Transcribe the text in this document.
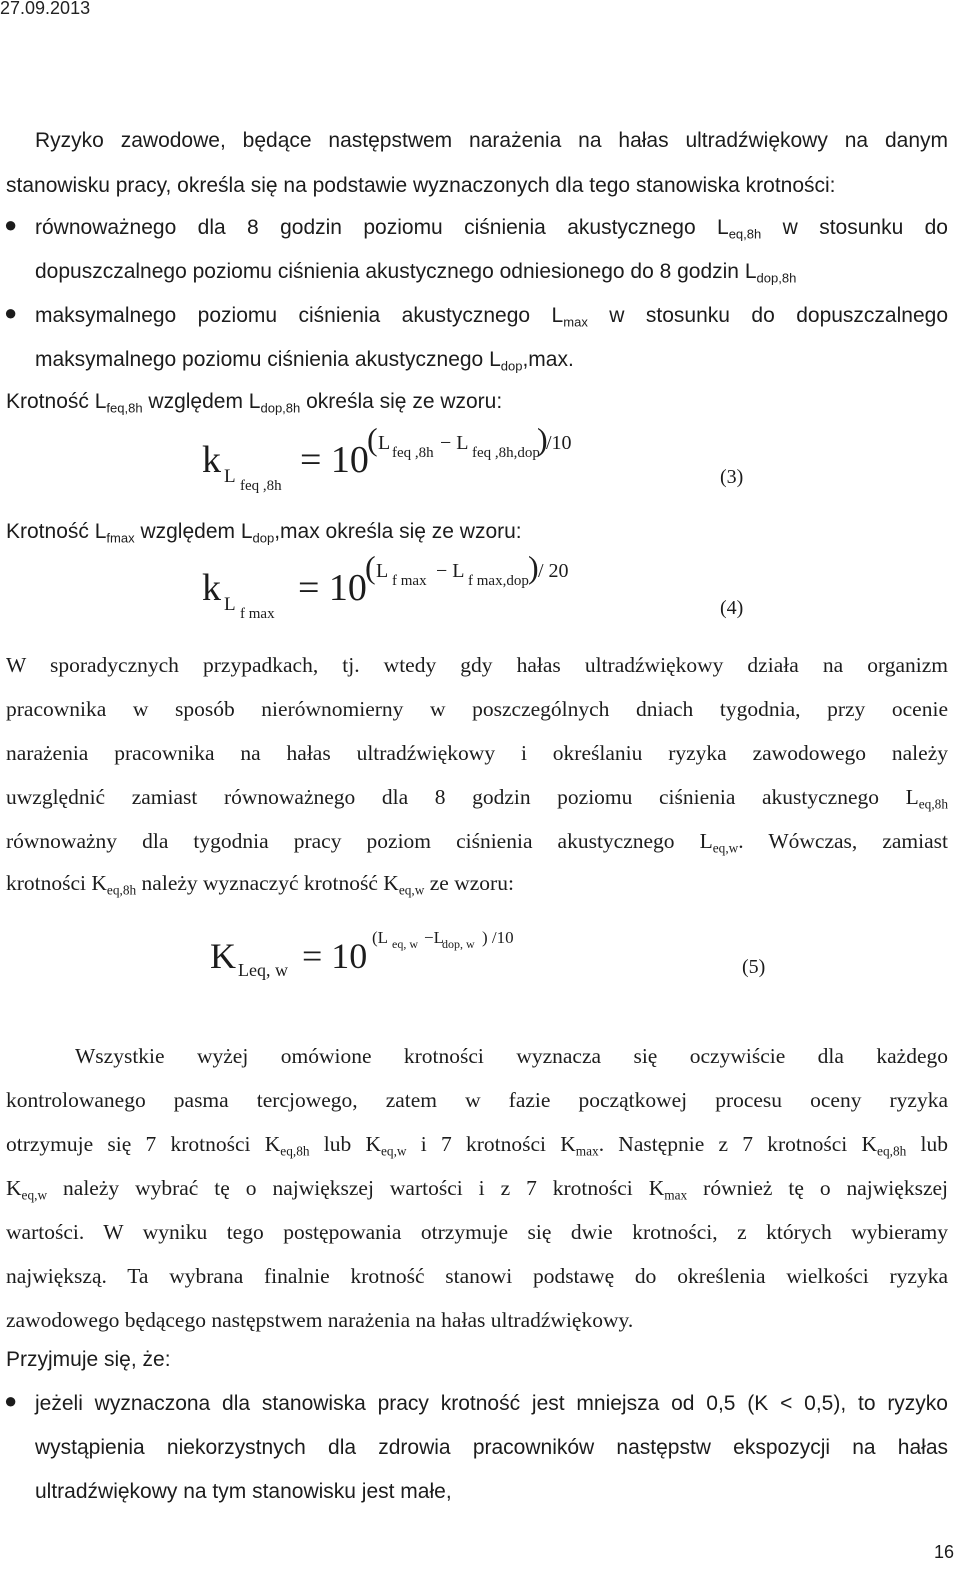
27.09.2013
Ryzyko zawodowe, będące następstwem narażenia na hałas ultradźwiękowy na danym
stanowisku pracy, określa się na podstawie wyznaczonych dla tego stanowiska krotności:
● równoważnego dla 8 godzin poziomu ciśnienia akustycznego $L_{eq,8h}$ w stosunku do
dopuszczalnego poziomu ciśnienia akustycznego odniesionego do 8 godzin $L_{dop,8h}$
● maksymalnego poziomu ciśnienia akustycznego $L_{max}$ w stosunku do dopuszczalnego
maksymalnego poziomu ciśnienia akustycznego $L_{dop},\max$.
Krotność $L_{feq,8h}$ względem $L_{dop,8h}$ określa się ze wzoru:
k L feq ,8h
= 10
( L feq ,8h − L feq ,8h,dop
)
/10
(3)
Krotność $L_{fmax}$ względem $L_{dop},\max$ określa się ze wzoru:
k L f max
= 10
( L f max − L f max,dop ) / 20
(4)
W sporadycznych przypadkach, tj. wtedy gdy hałas ultradźwiękowy działa na organizm
pracownika w sposób nierównomierny w poszczególnych dniach tygodnia, przy ocenie
narażenia pracownika na hałas ultradźwiękowy i określaniu ryzyka zawodowego należy
uwzględnić zamiast równoważnego dla 8 godzin poziomu ciśnienia akustycznego $L_{eq,8h}$
równoważny dla tygodnia pracy poziom ciśnienia akustycznego $L_{eq,w}$. Wówczas, zamiast
krotności $K_{eq,8h}$ należy wyznaczyć krotność $K_{eq,w}$ ze wzoru:
K Leq, w = 10 (L eq, w −L
dop, w ) /10
(5)
Wszystkie wyżej omówione krotności wyznacza się oczywiście dla każdego
kontrolowanego pasma tercjowego, zatem w fazie początkowej procesu oceny ryzyka
otrzymuje się 7 krotności $K_{eq,8h}$ lub $K_{eq,w}$ i 7 krotności $K_{max}$. Następnie z 7 krotności $K_{eq,8h}$ lub
$K_{eq,w}$ należy wybrać tę o największej wartości i z 7 krotności $K_{max}$ również tę o największej
wartości. W wyniku tego postępowania otrzymuje się dwie krotności, z których wybieramy
największą. Ta wybrana finalnie krotność stanowi podstawę do określenia wielkości ryzyka
zawodowego będącego następstwem narażenia na hałas ultradźwiękowy.
Przyjmuje się, że:
● jeżeli wyznaczona dla stanowiska pracy krotność jest mniejsza od 0,5 (K < 0,5), to ryzyko
wystąpienia niekorzystnych dla zdrowia pracowników następstw ekspozycji na hałas
ultradźwiękowy na tym stanowisku jest małe,
16
